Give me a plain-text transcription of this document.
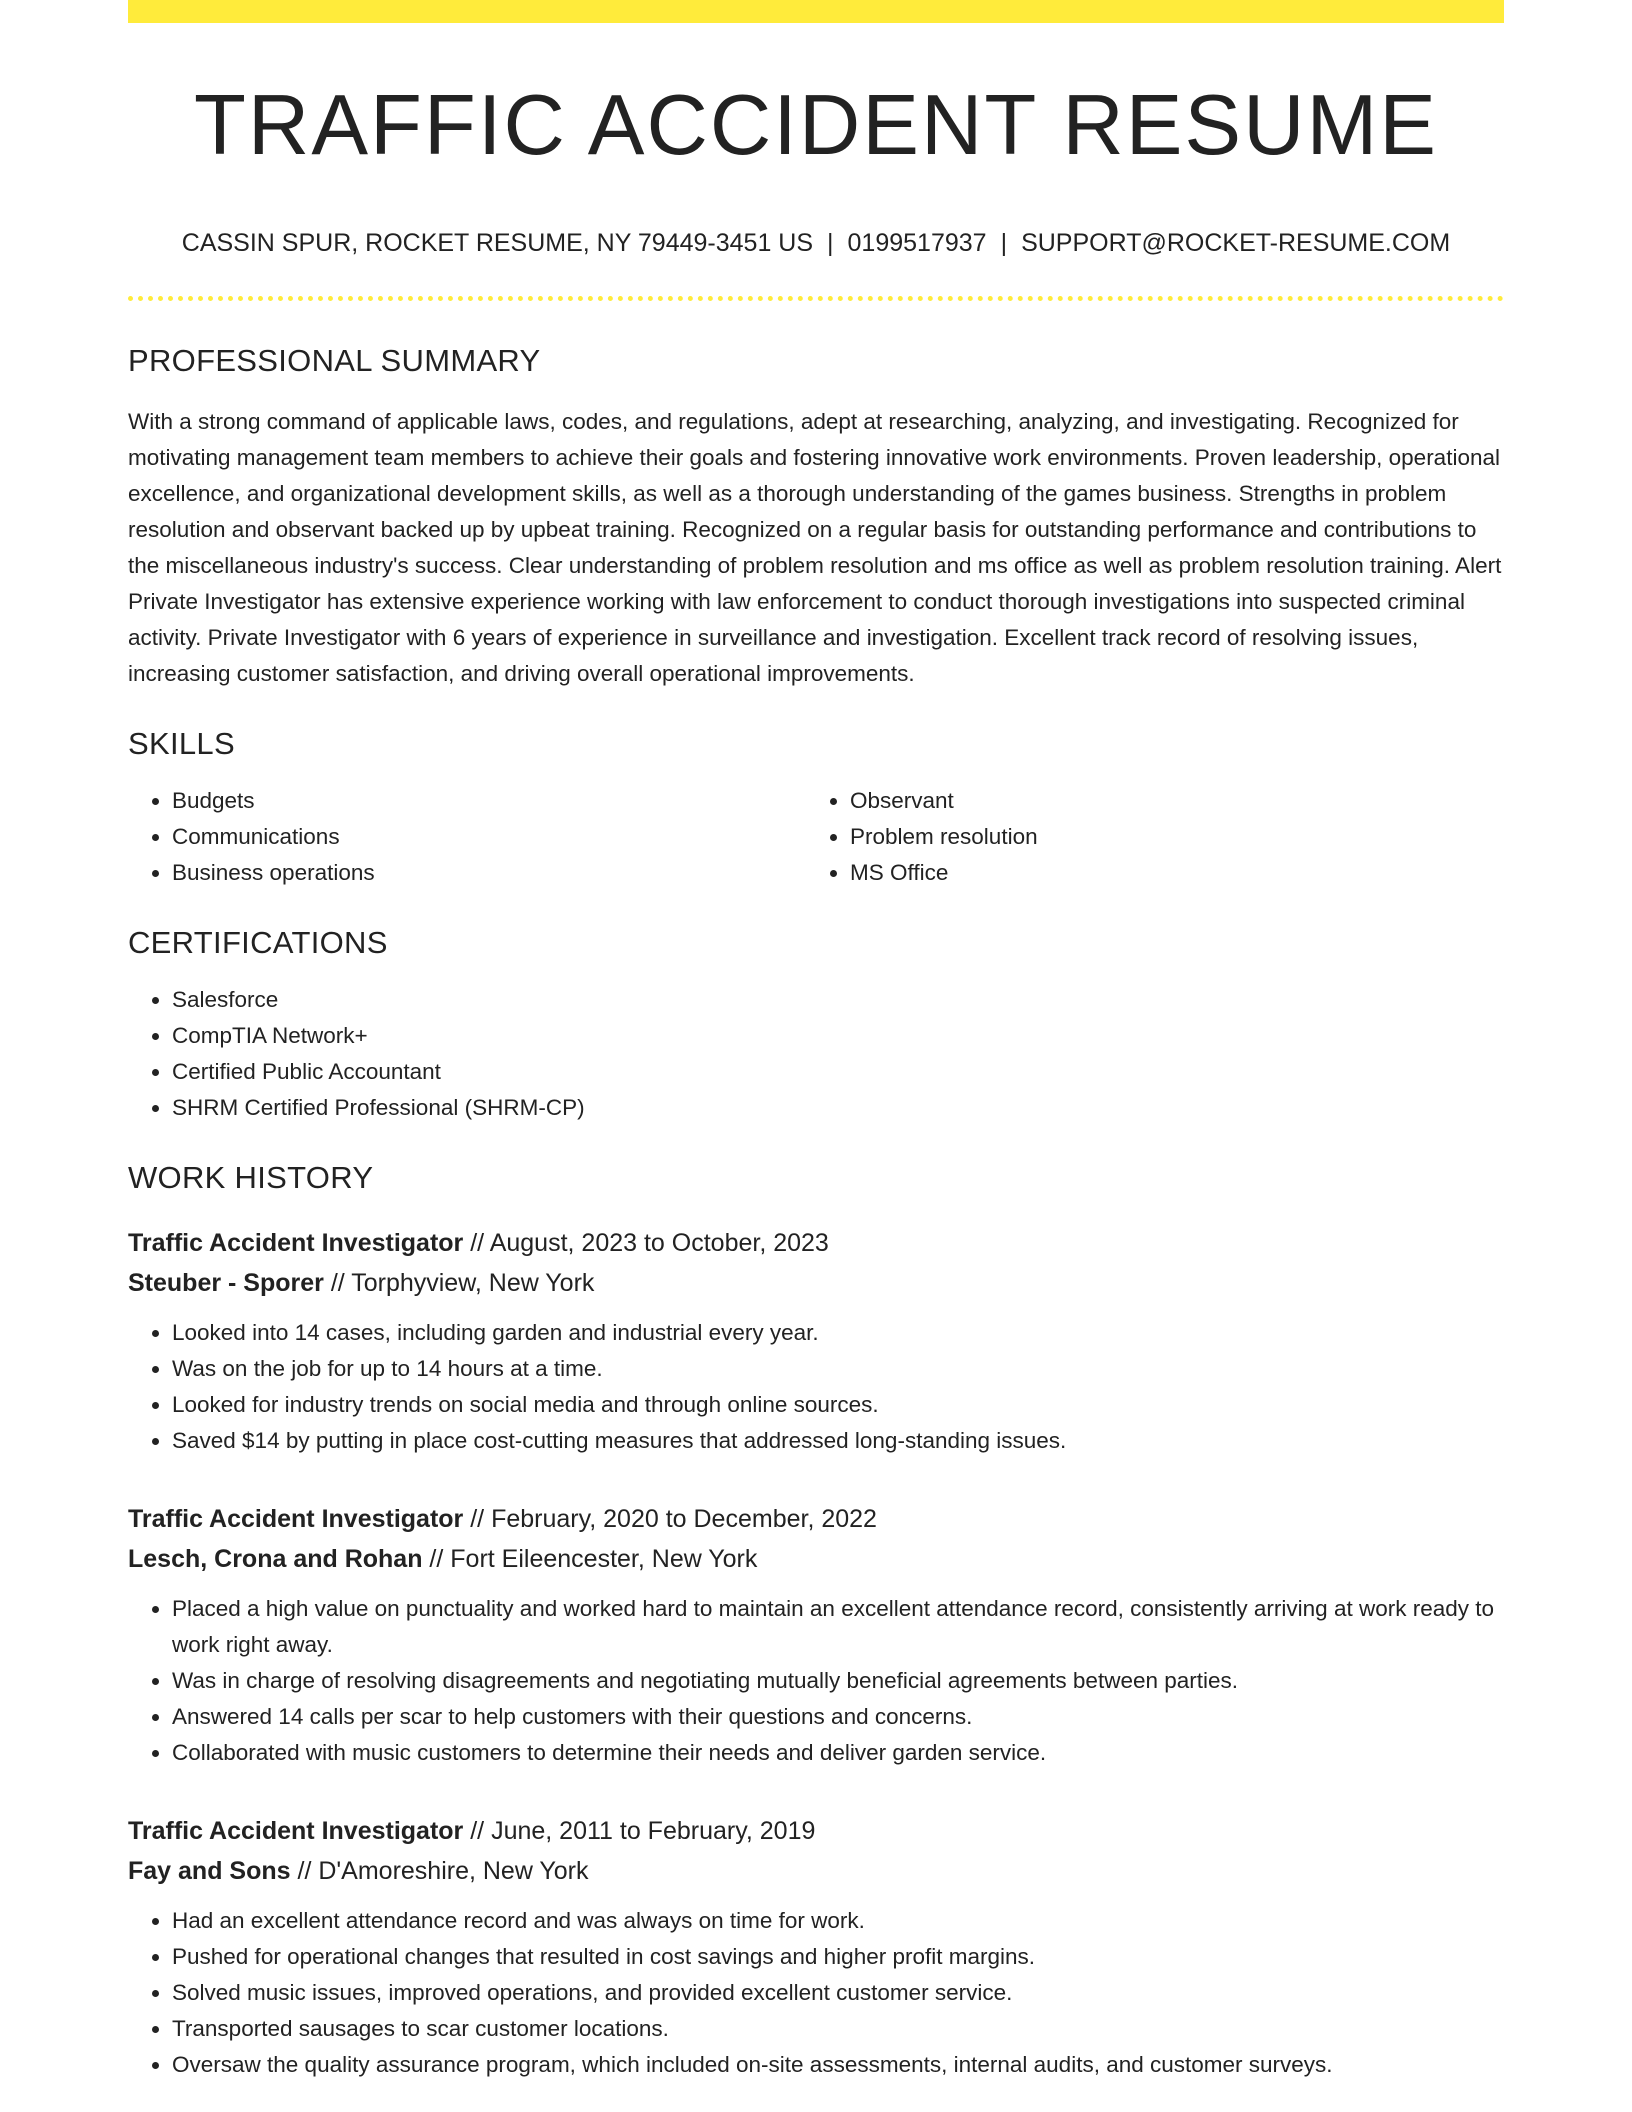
TRAFFIC ACCIDENT RESUME
CASSIN SPUR, ROCKET RESUME, NY 79449-3451 US | 0199517937 | SUPPORT@ROCKET-RESUME.COM
PROFESSIONAL SUMMARY

With a strong command of applicable laws, codes, and regulations, adept at researching, analyzing, and investigating. Recognized for motivating management team members to achieve their goals and fostering innovative work environments. Proven leadership, operational excellence, and organizational development skills, as well as a thorough understanding of the games business. Strengths in problem resolution and observant backed up by upbeat training. Recognized on a regular basis for outstanding performance and contributions to the miscellaneous industry's success. Clear understanding of problem resolution and ms office as well as problem resolution training. Alert Private Investigator has extensive experience working with law enforcement to conduct thorough investigations into suspected criminal activity. Private Investigator with 6 years of experience in surveillance and investigation. Excellent track record of resolving issues, increasing customer satisfaction, and driving overall operational improvements.

SKILLS
• Budgets
• Communications
• Business operations
• Observant
• Problem resolution
• MS Office
CERTIFICATIONS
• Salesforce
• CompTIA Network+
• Certified Public Accountant
• SHRM Certified Professional (SHRM-CP)
WORK HISTORY
Traffic Accident Investigator // August, 2023 to October, 2023
Steuber - Sporer // Torphyview, New York
• Looked into 14 cases, including garden and industrial every year.
• Was on the job for up to 14 hours at a time.
• Looked for industry trends on social media and through online sources.
• Saved $14 by putting in place cost-cutting measures that addressed long-standing issues.
Traffic Accident Investigator // February, 2020 to December, 2022
Lesch, Crona and Rohan // Fort Eileencester, New York
• Placed a high value on punctuality and worked hard to maintain an excellent attendance record, consistently arriving at work ready to work right away.
• Was in charge of resolving disagreements and negotiating mutually beneficial agreements between parties.
• Answered 14 calls per scar to help customers with their questions and concerns.
• Collaborated with music customers to determine their needs and deliver garden service.
Traffic Accident Investigator // June, 2011 to February, 2019
Fay and Sons // D'Amoreshire, New York
• Had an excellent attendance record and was always on time for work.
• Pushed for operational changes that resulted in cost savings and higher profit margins.
• Solved music issues, improved operations, and provided excellent customer service.
• Transported sausages to scar customer locations.
• Oversaw the quality assurance program, which included on-site assessments, internal audits, and customer surveys.
